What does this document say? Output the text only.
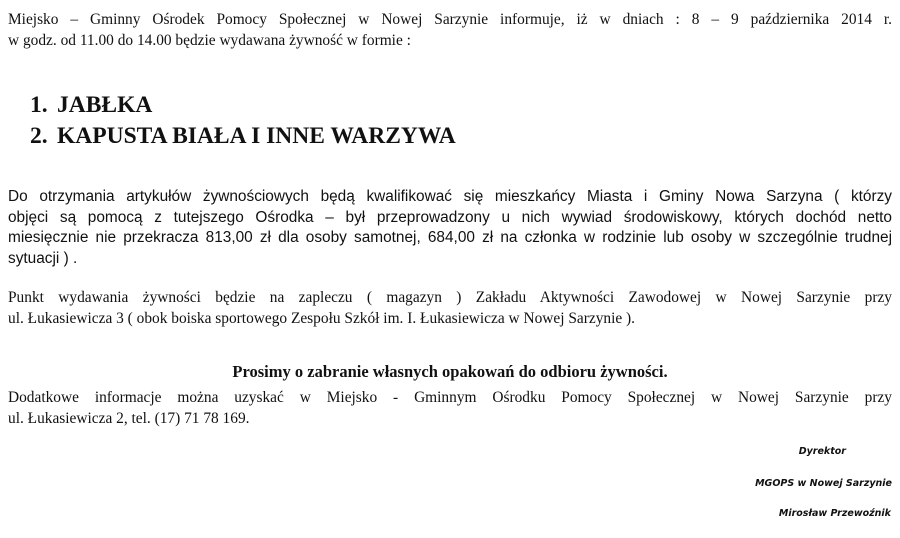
Miejsko – Gminny Ośrodek Pomocy Społecznej w Nowej Sarzynie informuje, iż w dniach : 8 – 9 października 2014 r.

w godz. od 11.00 do 14.00 będzie wydawana żywność w formie :

1. JABŁKA
2. KAPUSTA BIAŁA I INNE WARZYWA

Do otrzymania artykułów żywnościowych będą kwalifikować się mieszkańcy Miasta i Gminy Nowa Sarzyna ( którzy

objęci są pomocą z tutejszego Ośrodka – był przeprowadzony u nich wywiad środowiskowy, których dochód netto

miesięcznie nie przekracza 813,00 zł dla osoby samotnej, 684,00 zł na członka w rodzinie lub osoby w szczególnie trudnej

sytuacji ) .

Punkt wydawania żywności będzie na zapleczu ( magazyn ) Zakładu Aktywności Zawodowej w Nowej Sarzynie przy

ul. Łukasiewicza 3 ( obok boiska sportowego Zespołu Szkół im. I. Łukasiewicza w Nowej Sarzynie ).

Prosimy o zabranie własnych opakowań do odbioru żywności.

Dodatkowe informacje można uzyskać w Miejsko - Gminnym Ośrodku Pomocy Społecznej w Nowej Sarzynie przy

ul. Łukasiewicza 2, tel. (17) 71 78 169.

Dyrektor
MGOPS w Nowej Sarzynie
Mirosław Przewoźnik
